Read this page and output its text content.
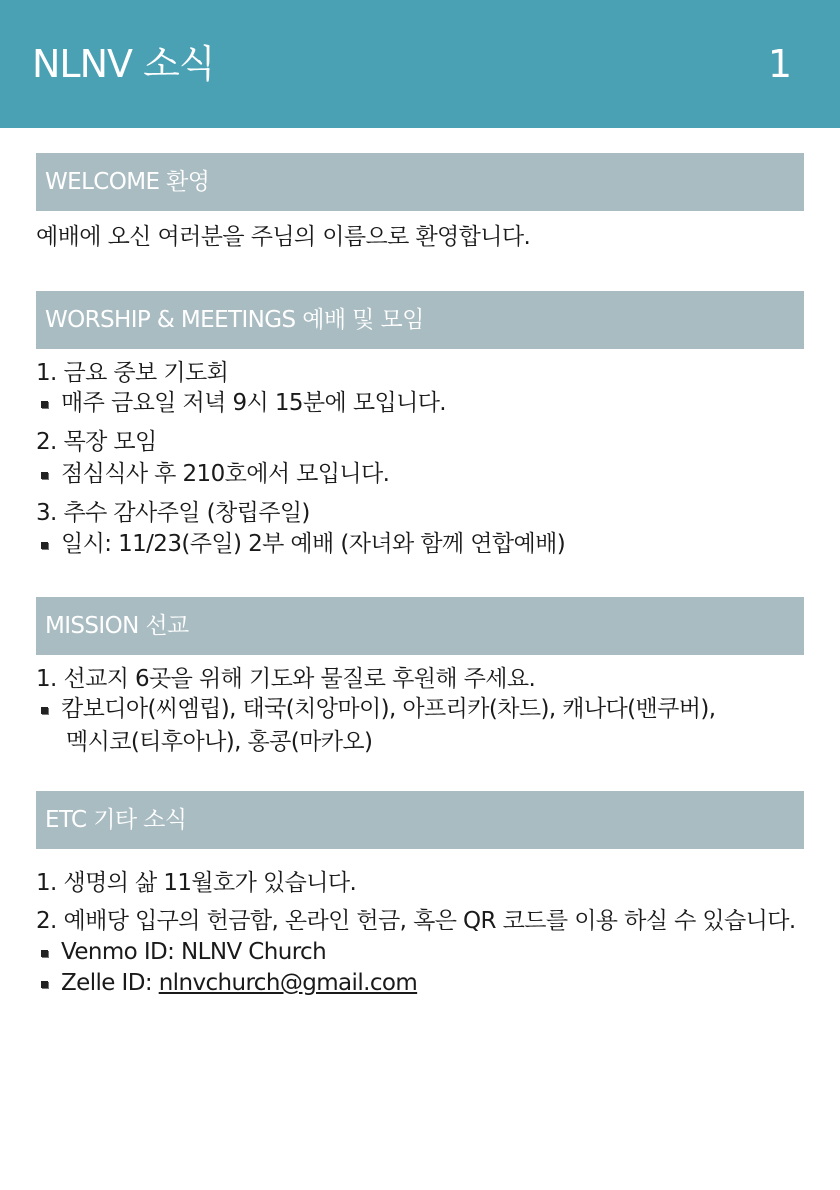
NLNV 소식	1
WELCOME 환영
예배에 오신 여러분을 주님의 이름으로 환영합니다.
WORSHIP & MEETINGS 예배 및 모임
1. 금요 중보 기도회
매주 금요일 저녁 9시 15분에 모입니다.
2. 목장 모임
점심식사 후 210호에서 모입니다.
3. 추수 감사주일 (창립주일)
일시: 11/23(주일) 2부 예배 (자녀와 함께 연합예배)
MISSION 선교
1. 선교지 6곳을 위해 기도와 물질로 후원해 주세요.
캄보디아(씨엠립), 태국(치앙마이), 아프리카(차드), 캐나다(밴쿠버),
멕시코(티후아나), 홍콩(마카오)
ETC 기타 소식
1. 생명의 삶 11월호가 있습니다.
2. 예배당 입구의 헌금함, 온라인 헌금, 혹은 QR 코드를 이용 하실 수 있습니다.
Venmo ID: NLNV Church
Zelle ID: nlnvchurch@gmail.com
